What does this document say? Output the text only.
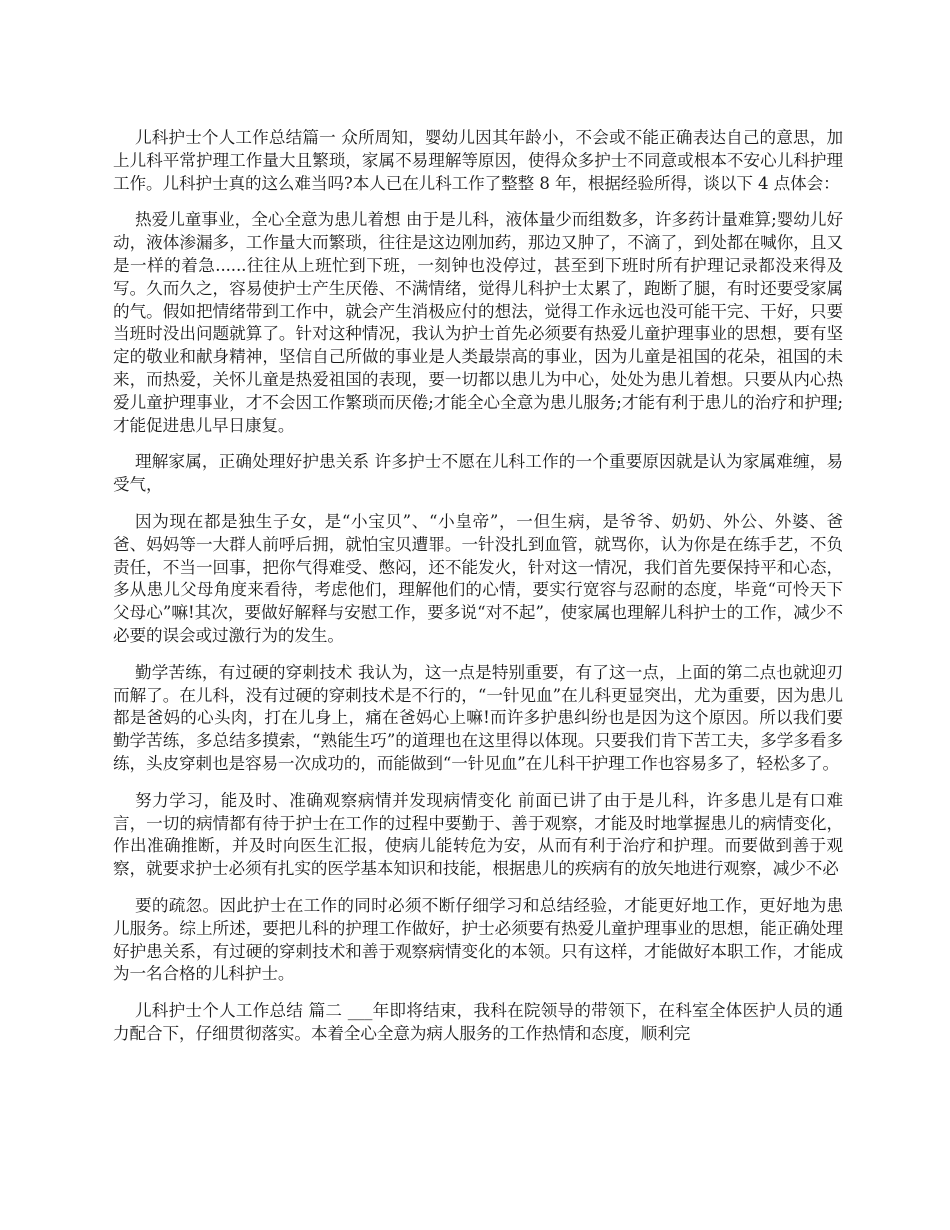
儿科护士个人工作总结篇一 众所周知，婴幼儿因其年龄小，不会或不能正确表达自己的意思，加上儿科平常护理工作量大且繁琐，家属不易理解等原因，使得众多护士不同意或根本不安心儿科护理工作。儿科护士真的这么难当吗?本人已在儿科工作了整整 8 年，根据经验所得，谈以下 4 点体会：

热爱儿童事业，全心全意为患儿着想 由于是儿科，液体量少而组数多，许多药计量难算;婴幼儿好动，液体渗漏多，工作量大而繁琐，往往是这边刚加药，那边又肿了，不滴了，到处都在喊你，且又是一样的着急......往往从上班忙到下班，一刻钟也没停过，甚至到下班时所有护理记录都没来得及写。久而久之，容易使护士产生厌倦、不满情绪，觉得儿科护士太累了，跑断了腿，有时还要受家属的气。假如把情绪带到工作中，就会产生消极应付的想法，觉得工作永远也没可能干完、干好，只要当班时没出问题就算了。针对这种情况，我认为护士首先必须要有热爱儿童护理事业的思想，要有坚定的敬业和献身精神，坚信自己所做的事业是人类最崇高的事业，因为儿童是祖国的花朵，祖国的未来，而热爱，关怀儿童是热爱祖国的表现，要一切都以患儿为中心，处处为患儿着想。只要从内心热爱儿童护理事业，才不会因工作繁琐而厌倦;才能全心全意为患儿服务;才能有利于患儿的治疗和护理;才能促进患儿早日康复。

理解家属，正确处理好护患关系 许多护士不愿在儿科工作的一个重要原因就是认为家属难缠，易受气，

因为现在都是独生子女，是“小宝贝”、“小皇帝”，一但生病，是爷爷、奶奶、外公、外婆、爸爸、妈妈等一大群人前呼后拥，就怕宝贝遭罪。一针没扎到血管，就骂你，认为你是在练手艺，不负责任，不当一回事，把你气得难受、憋闷，还不能发火，针对这一情况，我们首先要保持平和心态，多从患儿父母角度来看待，考虑他们，理解他们的心情，要实行宽容与忍耐的态度，毕竟“可怜天下父母心”嘛!其次，要做好解释与安慰工作，要多说“对不起”，使家属也理解儿科护士的工作，减少不必要的误会或过激行为的发生。

勤学苦练，有过硬的穿刺技术 我认为，这一点是特别重要，有了这一点，上面的第二点也就迎刃而解了。在儿科，没有过硬的穿刺技术是不行的，“一针见血”在儿科更显突出，尤为重要，因为患儿都是爸妈的心头肉，打在儿身上，痛在爸妈心上嘛!而许多护患纠纷也是因为这个原因。所以我们要勤学苦练，多总结多摸索，“熟能生巧”的道理也在这里得以体现。只要我们肯下苦工夫，多学多看多练，头皮穿刺也是容易一次成功的，而能做到“一针见血”在儿科干护理工作也容易多了，轻松多了。

努力学习，能及时、准确观察病情并发现病情变化 前面已讲了由于是儿科，许多患儿是有口难言，一切的病情都有待于护士在工作的过程中要勤于、善于观察，才能及时地掌握患儿的病情变化，作出准确推断，并及时向医生汇报，使病儿能转危为安，从而有利于治疗和护理。而要做到善于观察，就要求护士必须有扎实的医学基本知识和技能，根据患儿的疾病有的放矢地进行观察，减少不必

要的疏忽。因此护士在工作的同时必须不断仔细学习和总结经验，才能更好地工作，更好地为患儿服务。综上所述，要把儿科的护理工作做好，护士必须要有热爱儿童护理事业的思想，能正确处理好护患关系，有过硬的穿刺技术和善于观察病情变化的本领。只有这样，才能做好本职工作，才能成为一名合格的儿科护士。

儿科护士个人工作总结 篇二 ___年即将结束，我科在院领导的带领下，在科室全体医护人员的通力配合下，仔细贯彻落实。本着全心全意为病人服务的工作热情和态度，顺利完
